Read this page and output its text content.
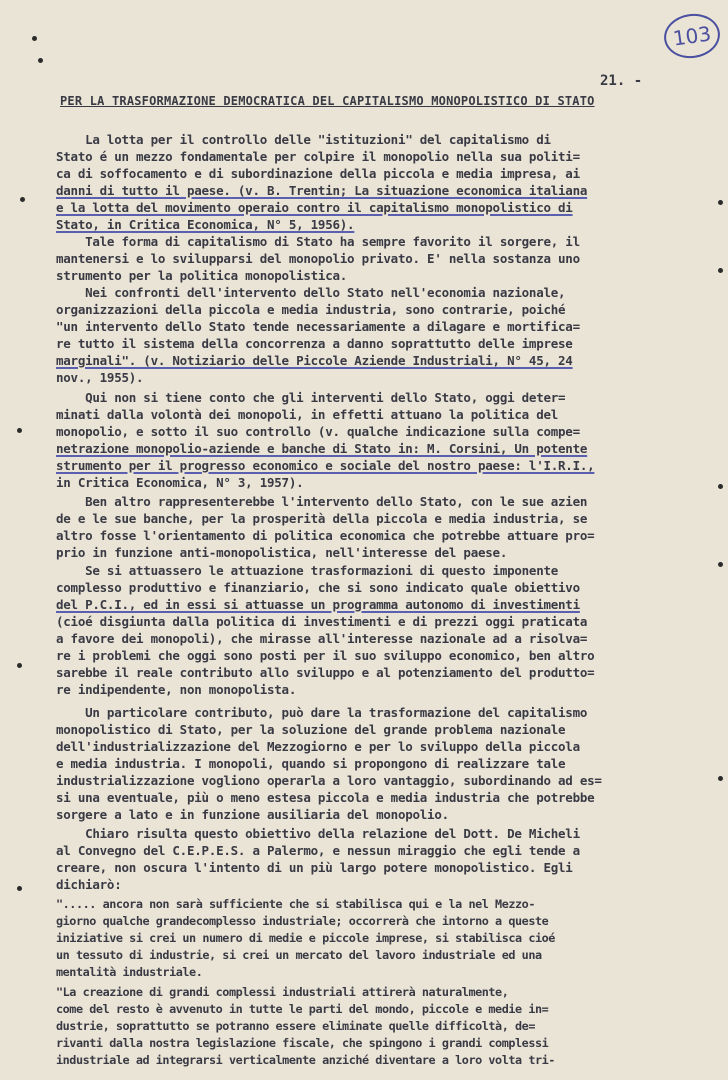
103
21. -
PER LA TRASFORMAZIONE DEMOCRATICA DEL CAPITALISMO MONOPOLISTICO DI STATO
La lotta per il controllo delle "istituzioni" del capitalismo di
Stato é un mezzo fondamentale per colpire il monopolio nella sua politi=
ca di soffocamento e di subordinazione della piccola e media impresa, ai
danni di tutto il paese. (v. B. Trentin; La situazione economica italiana
e la lotta del movimento operaio contro il capitalismo monopolistico di
Stato, in Critica Economica, N° 5, 1956).
Tale forma di capitalismo di Stato ha sempre favorito il sorgere, il
mantenersi e lo svilupparsi del monopolio privato. E' nella sostanza uno
strumento per la politica monopolistica.
Nei confronti dell'intervento dello Stato nell'economia nazionale,
organizzazioni della piccola e media industria, sono contrarie, poiché
"un intervento dello Stato tende necessariamente a dilagare e mortifica=
re tutto il sistema della concorrenza a danno soprattutto delle imprese
marginali". (v. Notiziario delle Piccole Aziende Industriali, N° 45, 24
nov., 1955).
Qui non si tiene conto che gli interventi dello Stato, oggi deter=
minati dalla volontà dei monopoli, in effetti attuano la politica del
monopolio, e sotto il suo controllo (v. qualche indicazione sulla compe=
netrazione monopolio-aziende e banche di Stato in: M. Corsini, Un potente
strumento per il progresso economico e sociale del nostro paese: l'I.R.I.,
in Critica Economica, N° 3, 1957).
Ben altro rappresenterebbe l'intervento dello Stato, con le sue azien
de e le sue banche, per la prosperità della piccola e media industria, se
altro fosse l'orientamento di politica economica che potrebbe attuare pro=
prio in funzione anti-monopolistica, nell'interesse del paese.
Se si attuassero le attuazione trasformazioni di questo imponente
complesso produttivo e finanziario, che si sono indicato quale obiettivo
del P.C.I., ed in essi si attuasse un programma autonomo di investimenti
(cioé disgiunta dalla politica di investimenti e di prezzi oggi praticata
a favore dei monopoli), che mirasse all'interesse nazionale ad a risolva=
re i problemi che oggi sono posti per il suo sviluppo economico, ben altro
sarebbe il reale contributo allo sviluppo e al potenziamento del produtto=
re indipendente, non monopolista.
Un particolare contributo, può dare la trasformazione del capitalismo
monopolistico di Stato, per la soluzione del grande problema nazionale
dell'industrializzazione del Mezzogiorno e per lo sviluppo della piccola
e media industria. I monopoli, quando si propongono di realizzare tale
industrializzazione vogliono operarla a loro vantaggio, subordinando ad es=
si una eventuale, più o meno estesa piccola e media industria che potrebbe
sorgere a lato e in funzione ausiliaria del monopolio.
Chiaro risulta questo obiettivo della relazione del Dott. De Micheli
al Convegno del C.E.P.E.S. a Palermo, e nessun miraggio che egli tende a
creare, non oscura l'intento di un più largo potere monopolistico. Egli
dichiarò:
"..... ancora non sarà sufficiente che si stabilisca qui e la nel Mezzo-
giorno qualche grandecomplesso industriale; occorrerà che intorno a queste
iniziative si crei un numero di medie e piccole imprese, si stabilisca cioé
un tessuto di industrie, si crei un mercato del lavoro industriale ed una
mentalità industriale.
"La creazione di grandi complessi industriali attirerà naturalmente,
come del resto è avvenuto in tutte le parti del mondo, piccole e medie in=
dustrie, soprattutto se potranno essere eliminate quelle difficoltà, de=
rivanti dalla nostra legislazione fiscale, che spingono i grandi complessi
industriale ad integrarsi verticalmente anziché diventare a loro volta tri-
